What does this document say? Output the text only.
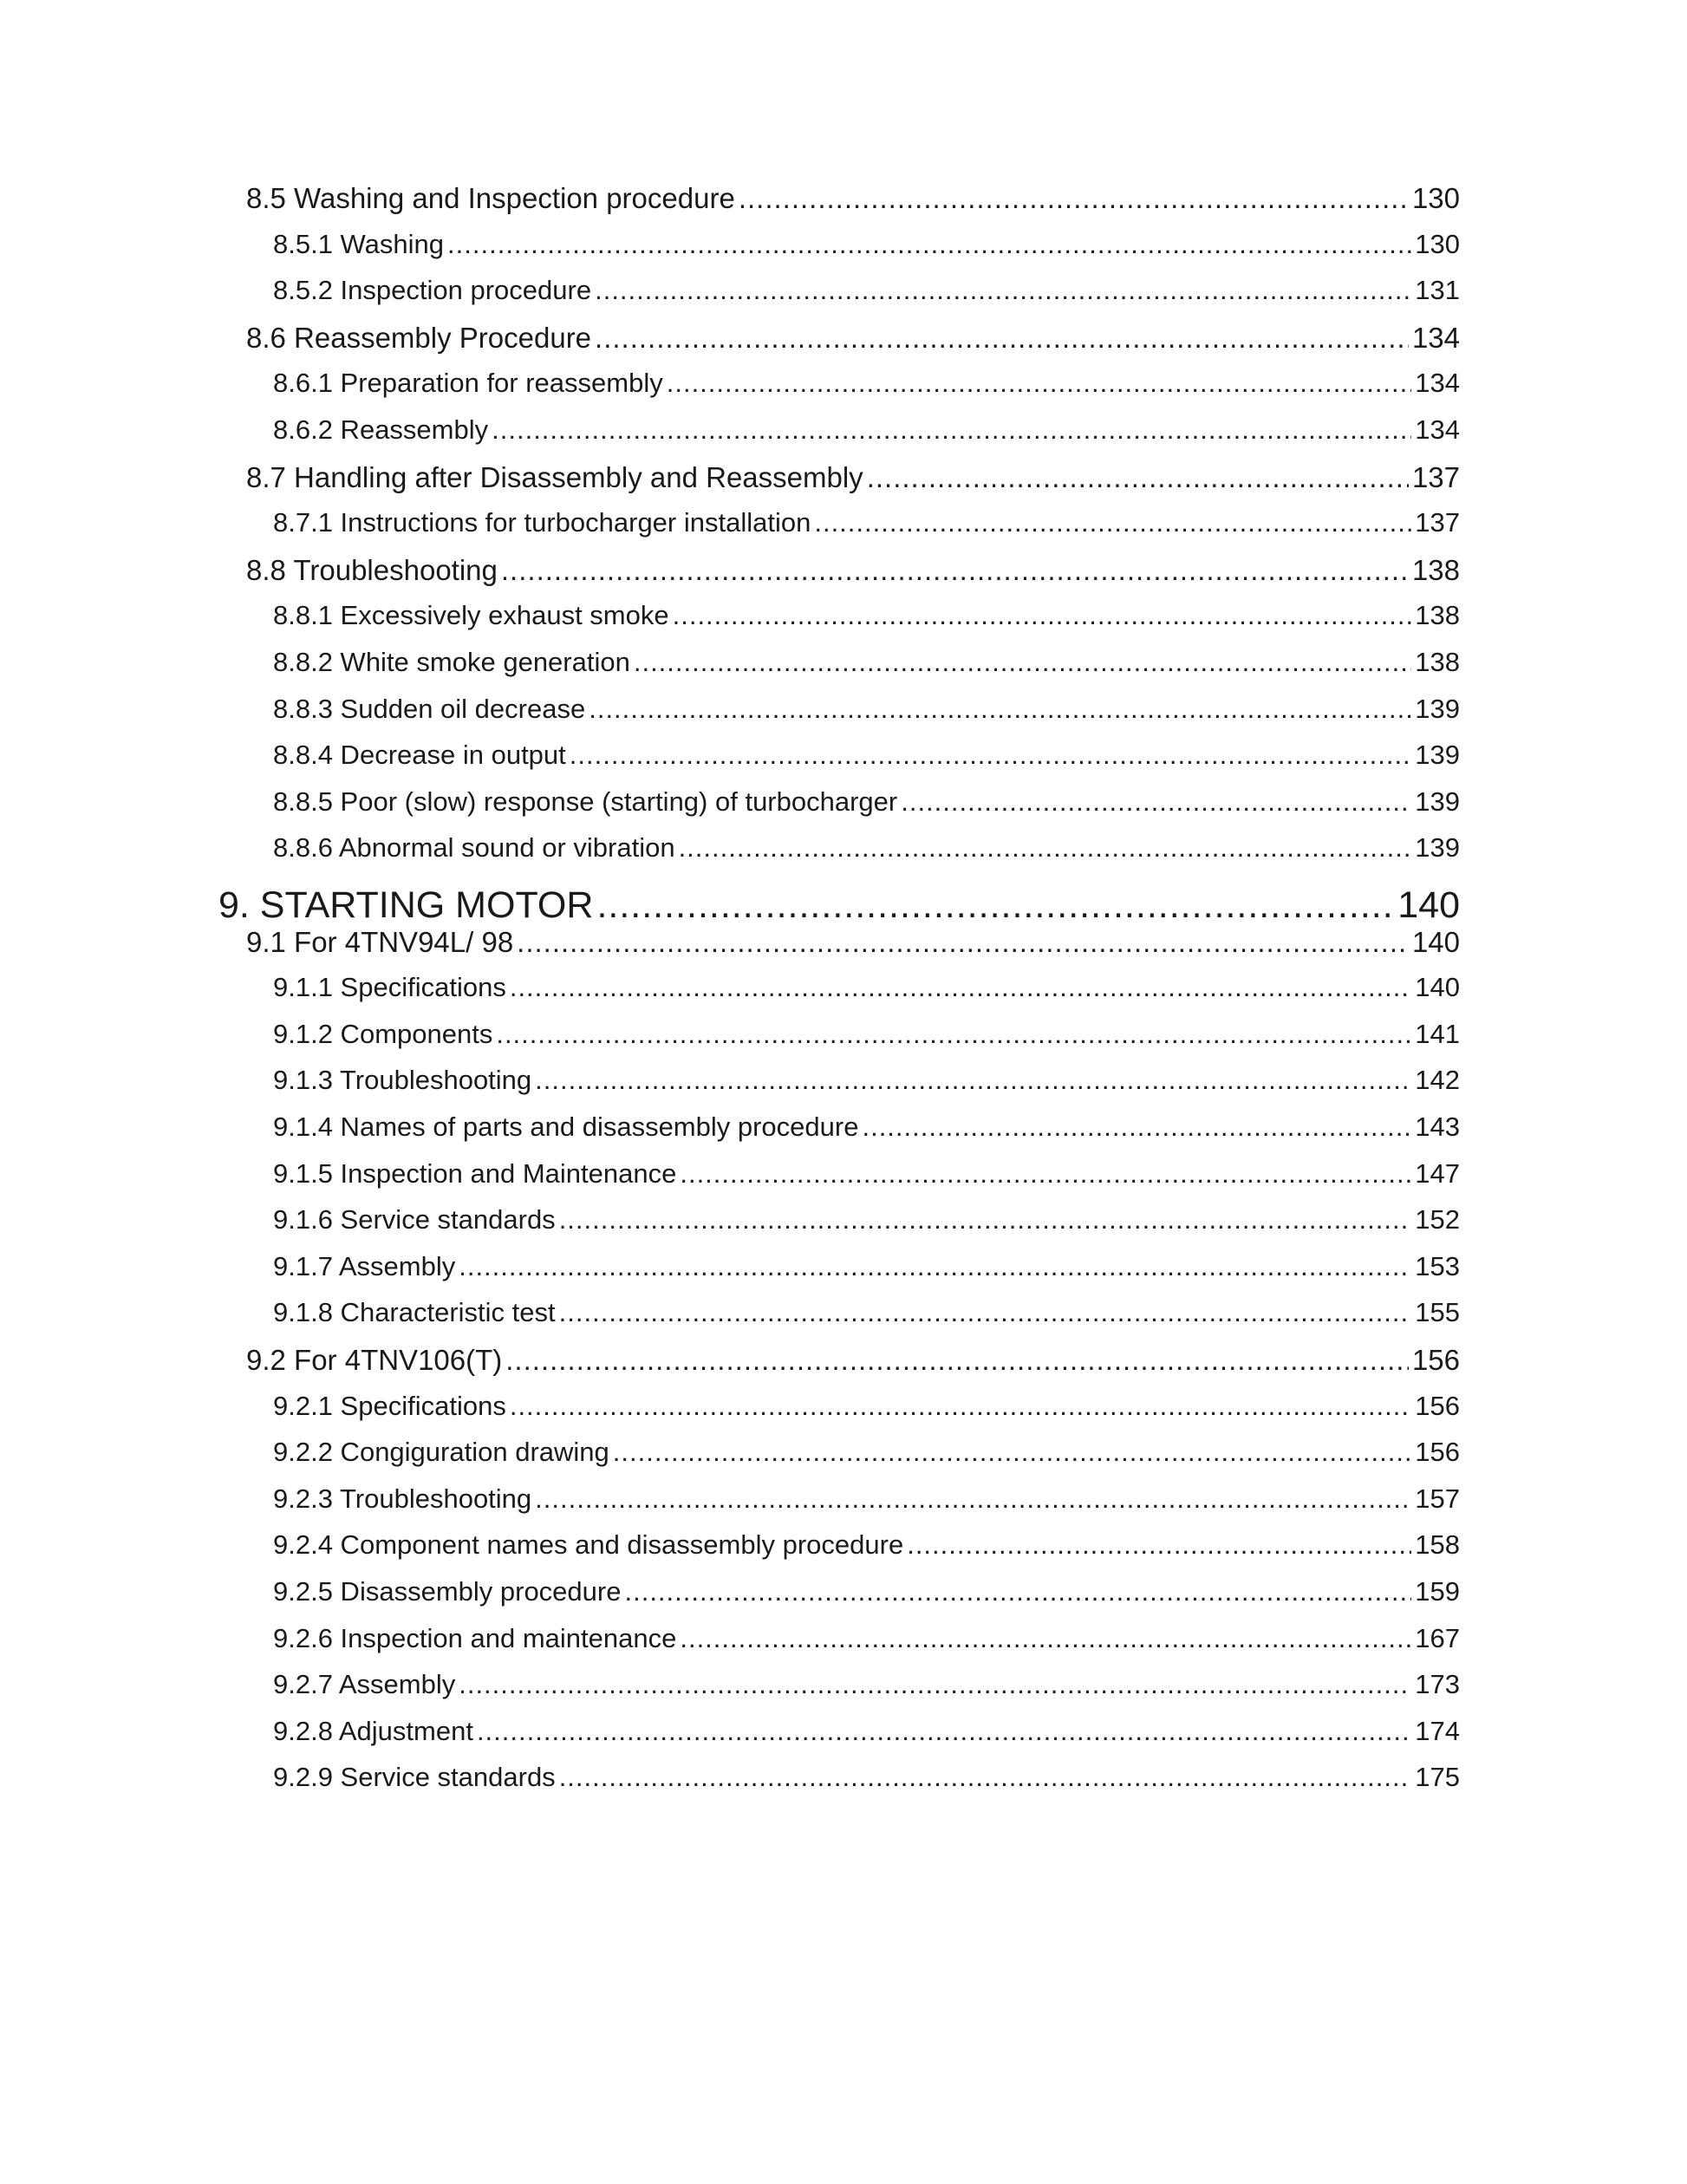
8.5 Washing and Inspection procedure .....	130
8.5.1 Washing .....	130
8.5.2 Inspection procedure .....	131
8.6 Reassembly Procedure .....	134
8.6.1 Preparation for reassembly .....	134
8.6.2 Reassembly .....	134
8.7 Handling after Disassembly and Reassembly .....	137
8.7.1 Instructions for turbocharger installation .....	137
8.8 Troubleshooting .....	138
8.8.1 Excessively exhaust smoke .....	138
8.8.2 White smoke generation .....	138
8.8.3 Sudden oil decrease .....	139
8.8.4 Decrease in output .....	139
8.8.5 Poor (slow) response (starting) of turbocharger .....	139
8.8.6 Abnormal sound or vibration .....	139
9. STARTING MOTOR .....	140
9.1 For 4TNV94L/ 98 .....	140
9.1.1 Specifications .....	140
9.1.2 Components .....	141
9.1.3 Troubleshooting .....	142
9.1.4 Names of parts and disassembly procedure .....	143
9.1.5 Inspection and Maintenance .....	147
9.1.6 Service standards .....	152
9.1.7 Assembly .....	153
9.1.8 Characteristic test .....	155
9.2 For 4TNV106(T) .....	156
9.2.1 Specifications .....	156
9.2.2 Congiguration drawing .....	156
9.2.3 Troubleshooting .....	157
9.2.4 Component names and disassembly procedure .....	158
9.2.5 Disassembly procedure .....	159
9.2.6 Inspection and maintenance .....	167
9.2.7 Assembly .....	173
9.2.8 Adjustment .....	174
9.2.9 Service standards .....	175
